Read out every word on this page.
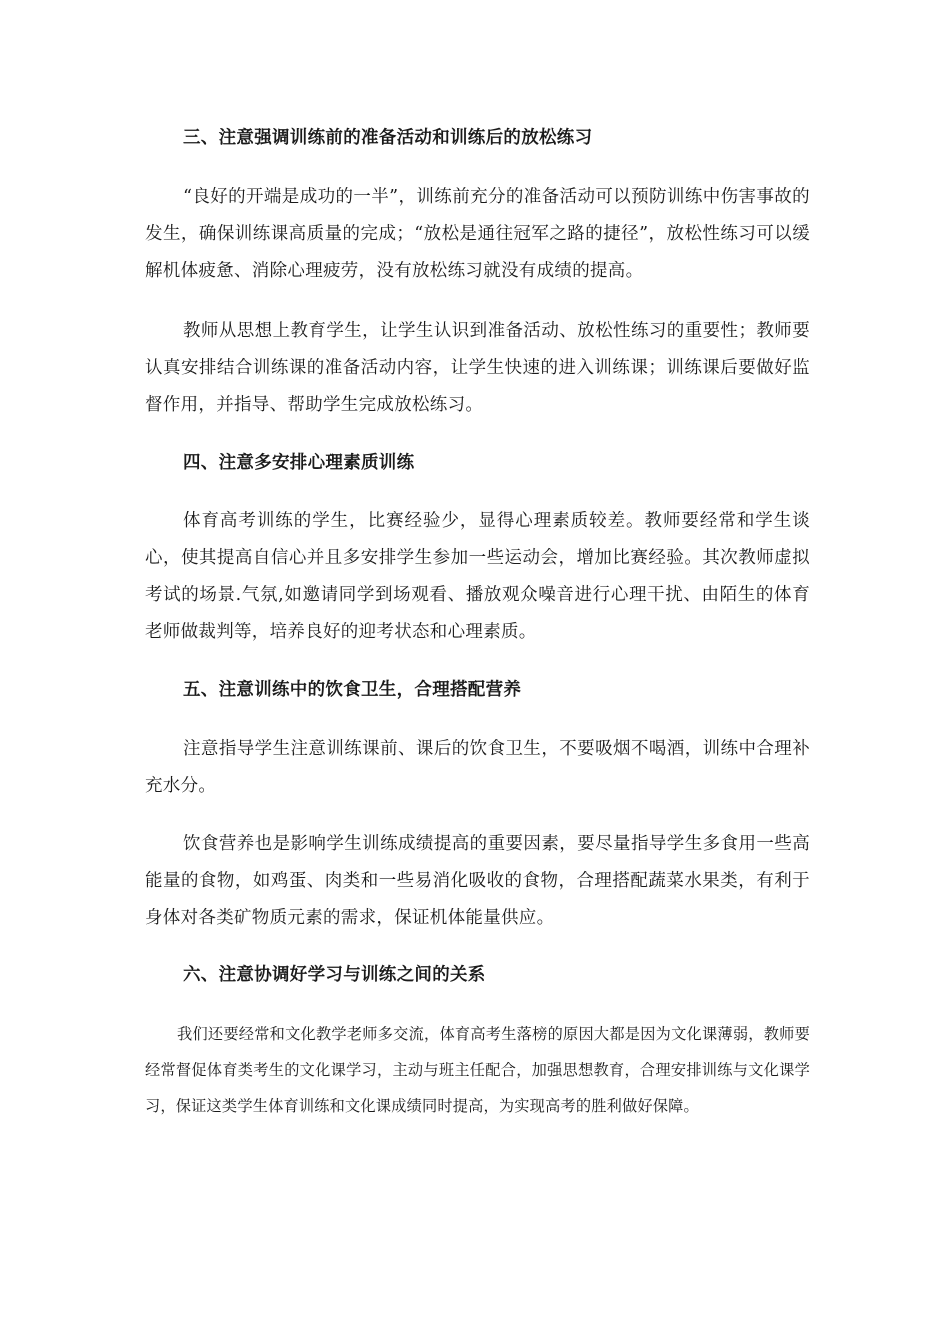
三、注意强调训练前的准备活动和训练后的放松练习

“良好的开端是成功的一半”，训练前充分的准备活动可以预防训练中伤害事故的发生，确保训练课高质量的完成；“放松是通往冠军之路的捷径”，放松性练习可以缓解机体疲惫、消除心理疲劳，没有放松练习就没有成绩的提高。

教师从思想上教育学生，让学生认识到准备活动、放松性练习的重要性；教师要认真安排结合训练课的准备活动内容，让学生快速的进入训练课；训练课后要做好监督作用，并指导、帮助学生完成放松练习。

四、注意多安排心理素质训练

体育高考训练的学生，比赛经验少，显得心理素质较差。教师要经常和学生谈心，使其提高自信心并且多安排学生参加一些运动会，增加比赛经验。其次教师虚拟考试的场景.气氛,如邀请同学到场观看、播放观众噪音进行心理干扰、由陌生的体育老师做裁判等，培养良好的迎考状态和心理素质。

五、注意训练中的饮食卫生，合理搭配营养

注意指导学生注意训练课前、课后的饮食卫生，不要吸烟不喝酒，训练中合理补充水分。

饮食营养也是影响学生训练成绩提高的重要因素，要尽量指导学生多食用一些高能量的食物，如鸡蛋、肉类和一些易消化吸收的食物，合理搭配蔬菜水果类，有利于身体对各类矿物质元素的需求，保证机体能量供应。

六、注意协调好学习与训练之间的关系

我们还要经常和文化教学老师多交流，体育高考生落榜的原因大都是因为文化课薄弱，教师要经常督促体育类考生的文化课学习，主动与班主任配合，加强思想教育，合理安排训练与文化课学习，保证这类学生体育训练和文化课成绩同时提高，为实现高考的胜利做好保障。
